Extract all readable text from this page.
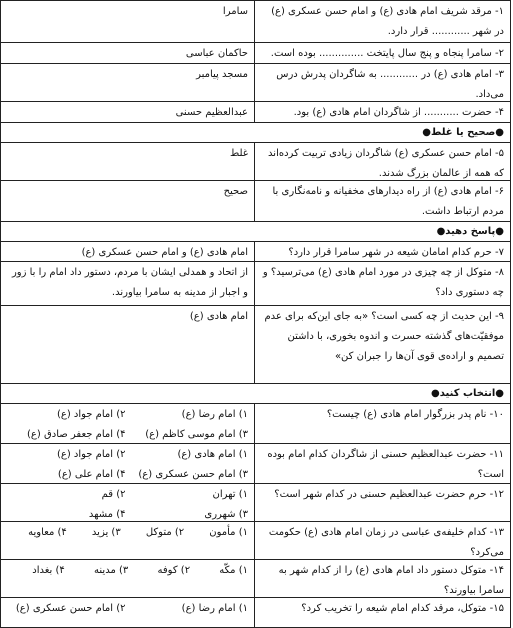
۱- مرقد شریف امام هادی (ع) و امام حسن عسکری (ع) در شهر ............ قرار دارد.
سامرا
۲- سامرا پنجاه و پنج سال پایتخت .............. بوده است.
حاکمان عباسی
۳- امام هادی (ع) در ............ به شاگردان پدرش درس می‌داد.
مسجد پیامبر
۴- حضرت ........... از شاگردان امام هادی (ع) بود.
عبدالعظیم حسنی
●صحیح یا غلط●
۵- امام حسن عسکری (ع) شاگردان زیادی تربیت کرده‌اند که همه از عالمان بزرگ شدند.
غلط
۶- امام هادی (ع) از راه دیدارهای مخفیانه و نامه‌نگاری با مردم ارتباط داشت.
صحیح
●پاسخ دهید●
۷- حرم کدام امامان شیعه در شهر سامرا قرار دارد؟
امام هادی (ع) و امام حسن عسکری (ع)
۸- متوکل از چه چیزی در مورد امام هادی (ع) می‌ترسید؟ و چه دستوری داد؟
از اتحاد و همدلی ایشان با مردم، دستور داد امام را با زور و اجبار از مدینه به سامرا بیاورند.
۹- این حدیث از چه کسی است؟ «به جای این‌که برای عدم موفقیّت‌های گذشته حسرت و اندوه بخوری، با داشتن تصمیم و اراده‌ی قوی آن‌ها را جبران کن»
امام هادی (ع)
●انتخاب کنید●
۱۰- نام پدر بزرگوار امام هادی (ع) چیست؟
۱) امام رضا (ع)
۲) امام جواد (ع)
۳) امام موسی کاظم (ع)
۴) امام جعفر صادق (ع)
۱۱- حضرت عبدالعظیم حسنی از شاگردان کدام امام بوده است؟
۱) امام هادی (ع)
۲) امام جواد (ع)
۳) امام حسن عسکری (ع)
۴) امام علی (ع)
۱۲- حرم حضرت عبدالعظیم حسنی در کدام شهر است؟
۱) تهران
۲) قم
۳) شهرری
۴) مشهد
۱۳- کدام خلیفه‌ی عباسی در زمان امام هادی (ع) حکومت می‌کرد؟
۱) مأمون
۲) متوکل
۳) یزید
۴) معاویه
۱۴- متوکل دستور داد امام هادی (ع) را از کدام شهر به سامرا بیاورند؟
۱) مکّه
۲) کوفه
۳) مدینه
۴) بغداد
۱۵- متوکل، مرقد کدام امام شیعه را تخریب کرد؟
۱) امام رضا (ع)
۲) امام حسن عسکری (ع)
